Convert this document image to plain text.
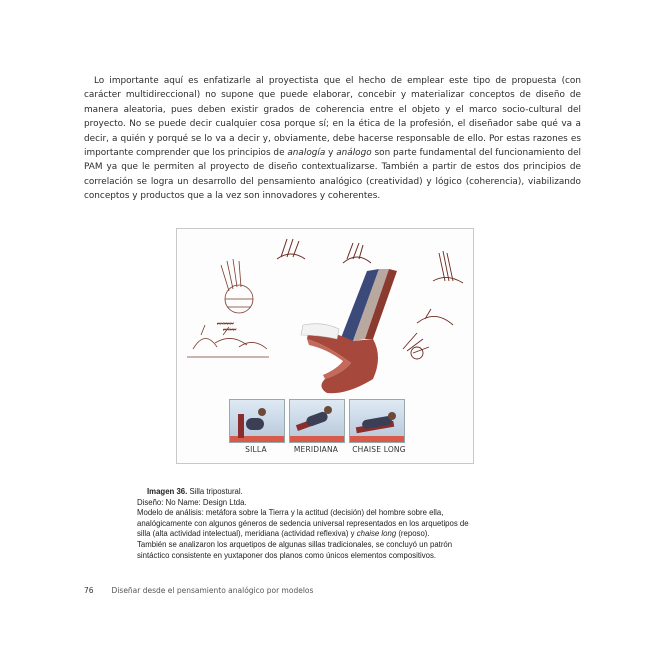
Lo importante aquí es enfatizarle al proyectista que el hecho de emplear este tipo de propuesta (con carácter multidireccional) no supone que puede elaborar, concebir y materializar conceptos de diseño de manera aleatoria, pues deben existir grados de coherencia entre el objeto y el marco socio-cultural del proyecto. No se puede decir cualquier cosa porque sí; en la ética de la profesión, el diseñador sabe qué va a decir, a quién y porqué se lo va a decir y, obviamente, debe hacerse responsable de ello. Por estas razones es importante comprender que los principios de analogía y análogo son parte fundamental del funcionamiento del PAM ya que le permiten al proyecto de diseño contextualizarse. También a partir de estos dos principios de correlación se logra un desarrollo del pensamiento analógico (creatividad) y lógico (coherencia), viabilizando conceptos y productos que a la vez son innovadores y coherentes.

~~~~~
~~~~
SILLA	MERIDIANA	CHAISE LONG
Imagen 36. Silla tripostural.
Diseño: No Name: Design Ltda.
Modelo de análisis: metáfora sobre la Tierra y la actitud (decisión) del hombre sobre ella,
analógicamente con algunos géneros de sedencia universal representados en los arquetipos de
silla (alta actividad intelectual), meridiana (actividad reflexiva) y chaise long (reposo).
También se analizaron los arquetipos de algunas sillas tradicionales, se concluyó un patrón
sintáctico consistente en yuxtaponer dos planos como únicos elementos compositivos.
76 Diseñar desde el pensamiento analógico por modelos
